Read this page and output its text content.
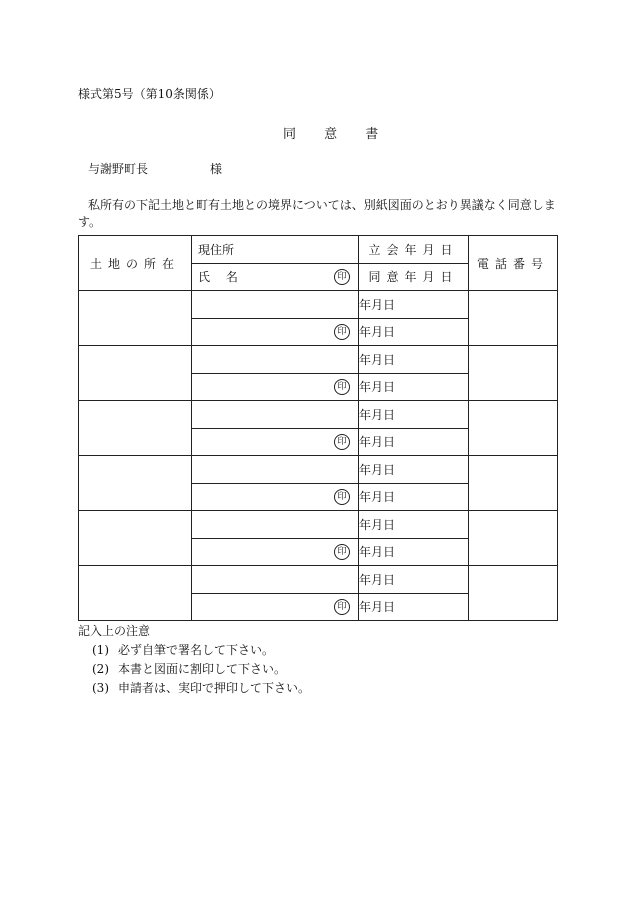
様式第5号（第10条関係）
同 意 書
与謝野町長	様
私所有の下記土地と町有土地との境界については、別紙図面のとおり異議なく同意しま
す。
土地の所在	現住所	立会年月日	電話番号
	氏 名 印	同意年月日	
		年月日	

	印	年月日	
		年月日	

	印	年月日	
		年月日	

	印	年月日	
		年月日	

	印	年月日	
		年月日	

	印	年月日	
		年月日	

	印	年月日	
記入上の注意
(1) 必ず自筆で署名して下さい。
(2) 本書と図面に割印して下さい。
(3) 申請者は、実印で押印して下さい。
